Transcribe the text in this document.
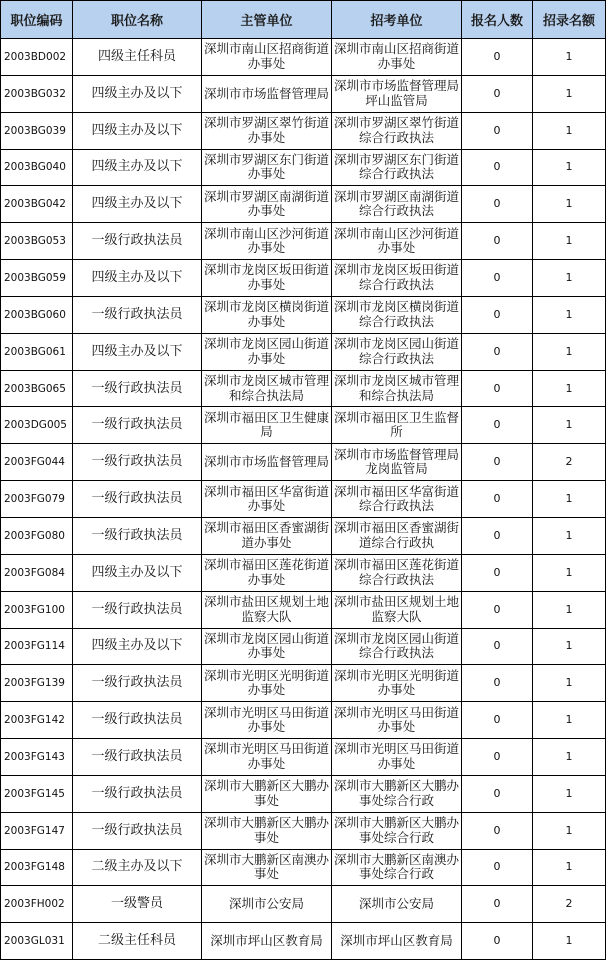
职位编码	职位名称	主管单位	招考单位	报名人数	招录名额
2003BD002	四级主任科员	深圳市南山区招商街道办事处	深圳市南山区招商街道办事处	0	1
2003BG032	四级主办及以下	深圳市市场监督管理局	深圳市市场监督管理局坪山监管局	0	1
2003BG039	四级主办及以下	深圳市罗湖区翠竹街道办事处	深圳市罗湖区翠竹街道综合行政执法	0	1
2003BG040	四级主办及以下	深圳市罗湖区东门街道办事处	深圳市罗湖区东门街道综合行政执法	0	1
2003BG042	四级主办及以下	深圳市罗湖区南湖街道办事处	深圳市罗湖区南湖街道综合行政执法	0	1
2003BG053	一级行政执法员	深圳市南山区沙河街道办事处	深圳市南山区沙河街道办事处	0	1
2003BG059	四级主办及以下	深圳市龙岗区坂田街道办事处	深圳市龙岗区坂田街道综合行政执法	0	1
2003BG060	一级行政执法员	深圳市龙岗区横岗街道办事处	深圳市龙岗区横岗街道综合行政执法	0	1
2003BG061	四级主办及以下	深圳市龙岗区园山街道办事处	深圳市龙岗区园山街道综合行政执法	0	1
2003BG065	一级行政执法员	深圳市龙岗区城市管理和综合执法局	深圳市龙岗区城市管理和综合执法局	0	1
2003DG005	一级行政执法员	深圳市福田区卫生健康局	深圳市福田区卫生监督所	0	1
2003FG044	一级行政执法员	深圳市市场监督管理局	深圳市市场监督管理局龙岗监管局	0	2
2003FG079	一级行政执法员	深圳市福田区华富街道办事处	深圳市福田区华富街道综合行政执法	0	1
2003FG080	一级行政执法员	深圳市福田区香蜜湖街道办事处	深圳市福田区香蜜湖街道综合行政执	0	1
2003FG084	四级主办及以下	深圳市福田区莲花街道办事处	深圳市福田区莲花街道综合行政执法	0	1
2003FG100	一级行政执法员	深圳市盐田区规划土地监察大队	深圳市盐田区规划土地监察大队	0	1
2003FG114	四级主办及以下	深圳市龙岗区园山街道办事处	深圳市龙岗区园山街道综合行政执法	0	1
2003FG139	一级行政执法员	深圳市光明区光明街道办事处	深圳市光明区光明街道办事处	0	1
2003FG142	一级行政执法员	深圳市光明区马田街道办事处	深圳市光明区马田街道办事处	0	1
2003FG143	一级行政执法员	深圳市光明区马田街道办事处	深圳市光明区马田街道办事处	0	1
2003FG145	一级行政执法员	深圳市大鹏新区大鹏办事处	深圳市大鹏新区大鹏办事处综合行政	0	1
2003FG147	一级行政执法员	深圳市大鹏新区大鹏办事处	深圳市大鹏新区大鹏办事处综合行政	0	1
2003FG148	二级主办及以下	深圳市大鹏新区南澳办事处	深圳市大鹏新区南澳办事处综合行政	0	1
2003FH002	一级警员	深圳市公安局	深圳市公安局	0	2
2003GL031	二级主任科员	深圳市坪山区教育局	深圳市坪山区教育局	0	1
